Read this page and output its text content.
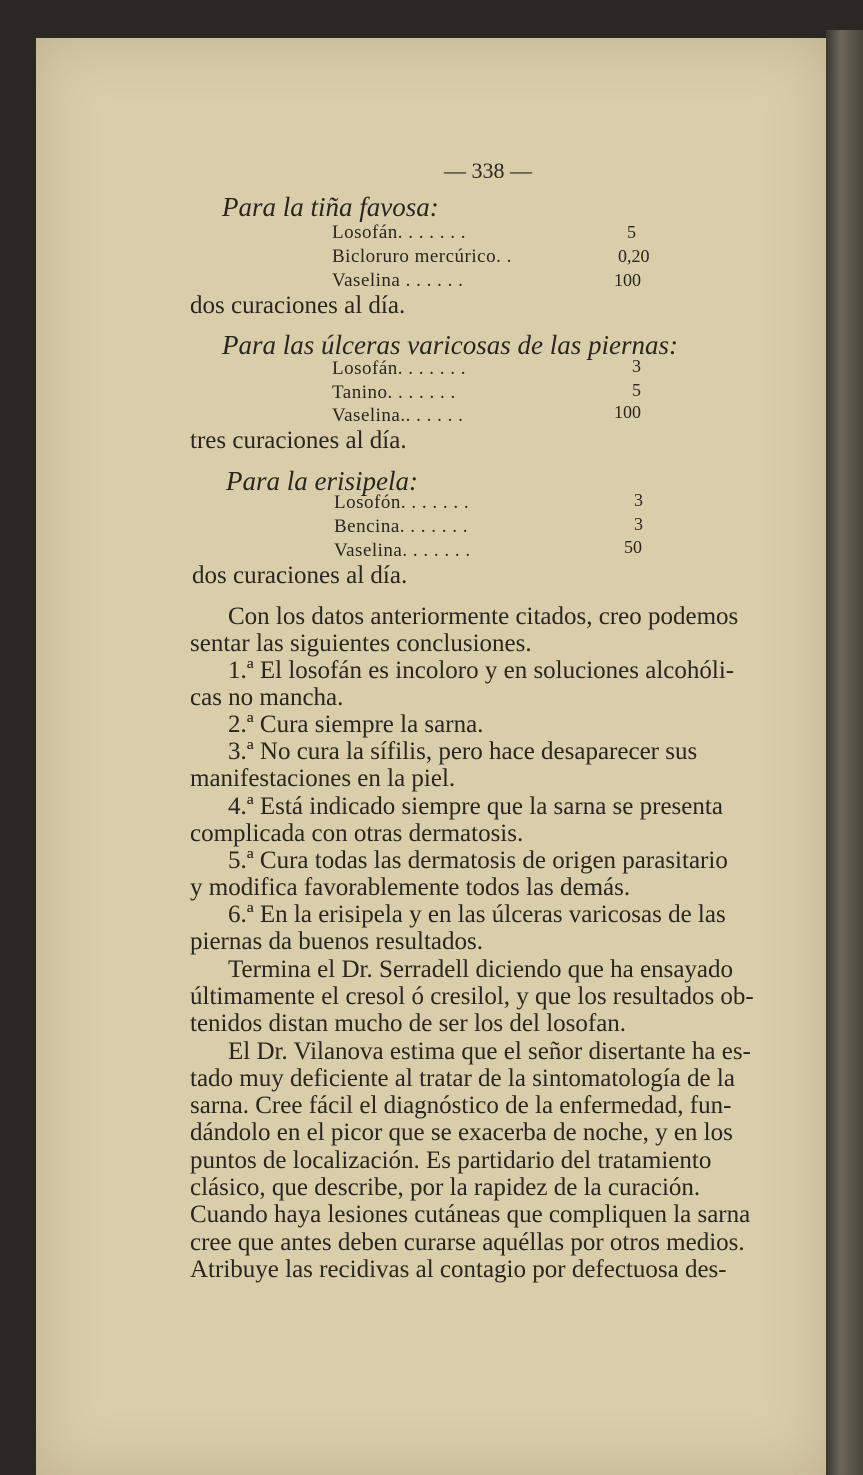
— 338 —
Para la tiña favosa:
Losofán. . . . . . .	5
Bicloruro mercúrico. .	0,20
Vaselina . . . . . .	100
dos curaciones al día.
Para las úlceras varicosas de las piernas:
Losofán. . . . . . .	3
Tanino. . . . . . .	5
Vaselina.. . . . . .	100
tres curaciones al día.
Para la erisipela:
Losofón. . . . . . .	3
Bencina. . . . . . .	3
Vaselina. . . . . . .	50
dos curaciones al día.
Con los datos anteriormente citados, creo podemos
sentar las siguientes conclusiones.
1.ª El losofán es incoloro y en soluciones alcohóli-
cas no mancha.
2.ª Cura siempre la sarna.
3.ª No cura la sífilis, pero hace desaparecer sus
manifestaciones en la piel.
4.ª Está indicado siempre que la sarna se presenta
complicada con otras dermatosis.
5.ª Cura todas las dermatosis de origen parasitario
y modifica favorablemente todos las demás.
6.ª En la erisipela y en las úlceras varicosas de las
piernas da buenos resultados.
Termina el Dr. Serradell diciendo que ha ensayado
últimamente el cresol ó cresilol, y que los resultados ob-
tenidos distan mucho de ser los del losofan.
El Dr. Vilanova estima que el señor disertante ha es-
tado muy deficiente al tratar de la sintomatología de la
sarna. Cree fácil el diagnóstico de la enfermedad, fun-
dándolo en el picor que se exacerba de noche, y en los
puntos de localización. Es partidario del tratamiento
clásico, que describe, por la rapidez de la curación.
Cuando haya lesiones cutáneas que compliquen la sarna
cree que antes deben curarse aquéllas por otros medios.
Atribuye las recidivas al contagio por defectuosa des-
